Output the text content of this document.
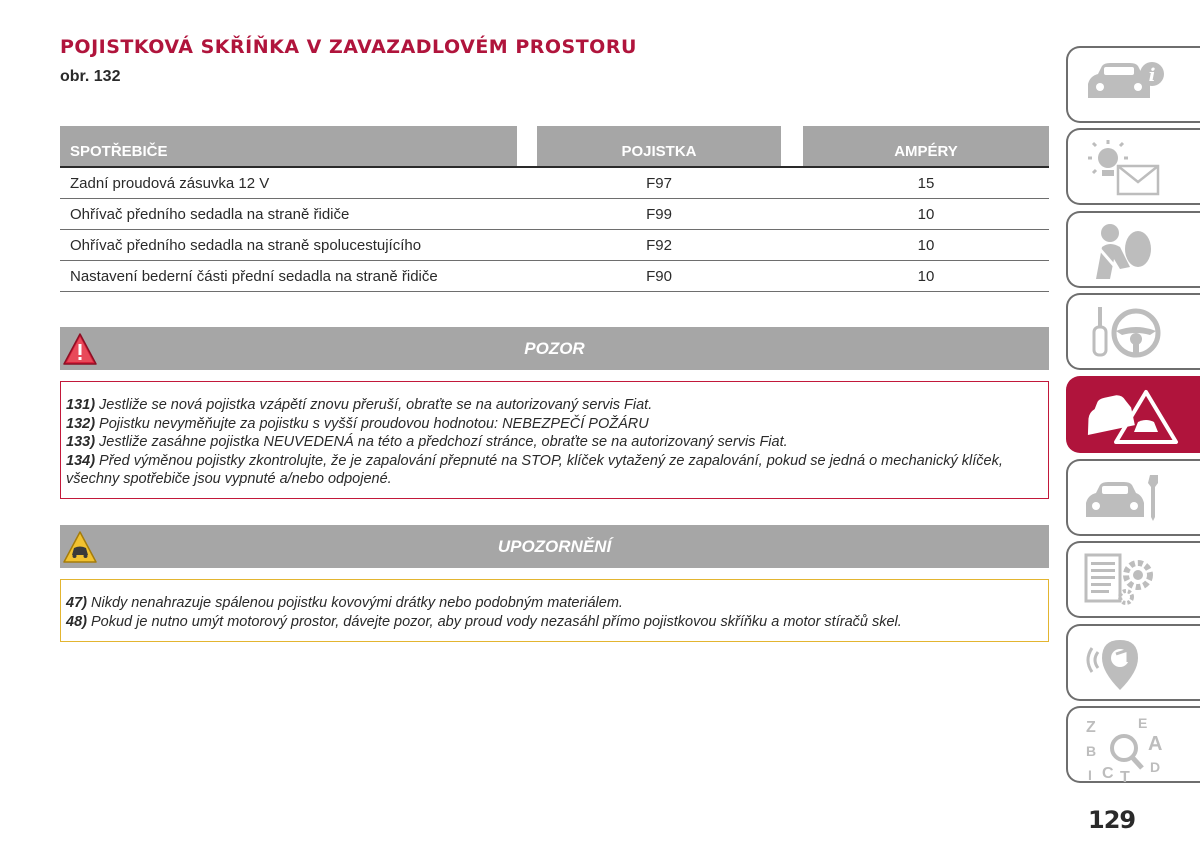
POJISTKOVÁ SKŘÍŇKA V ZAVAZADLOVÉM PROSTORU
obr. 132
SPOTŘEBIČE	POJISTKA	AMPÉRY
Zadní proudová zásuvka 12 V	F97	15
Ohřívač předního sedadla na straně řidiče	F99	10
Ohřívač předního sedadla na straně spolucestujícího	F92	10
Nastavení bederní části přední sedadla na straně řidiče	F90	10
POZOR

131) Jestliže se nová pojistka vzápětí znovu přeruší, obraťte se na autorizovaný servis Fiat.

132) Pojistku nevyměňujte za pojistku s vyšší proudovou hodnotou: NEBEZPEČÍ POŽÁRU

133) Jestliže zasáhne pojistka NEUVEDENÁ na této a předchozí stránce, obraťte se na autorizovaný servis Fiat.

134) Před výměnou pojistky zkontrolujte, že je zapalování přepnuté na STOP, klíček vytažený ze zapalování, pokud se jedná o mechanický klíček, všechny spotřebiče jsou vypnuté a/nebo odpojené.

UPOZORNĚNÍ

47) Nikdy nenahrazuje spálenou pojistku kovovými drátky nebo podobným materiálem.

48) Pokud je nutno umýt motorový prostor, dávejte pozor, aby proud vody nezasáhl přímo pojistkovou skříňku a motor stíračů skel.

i
Z	E
B	A
C T
D
I
129
